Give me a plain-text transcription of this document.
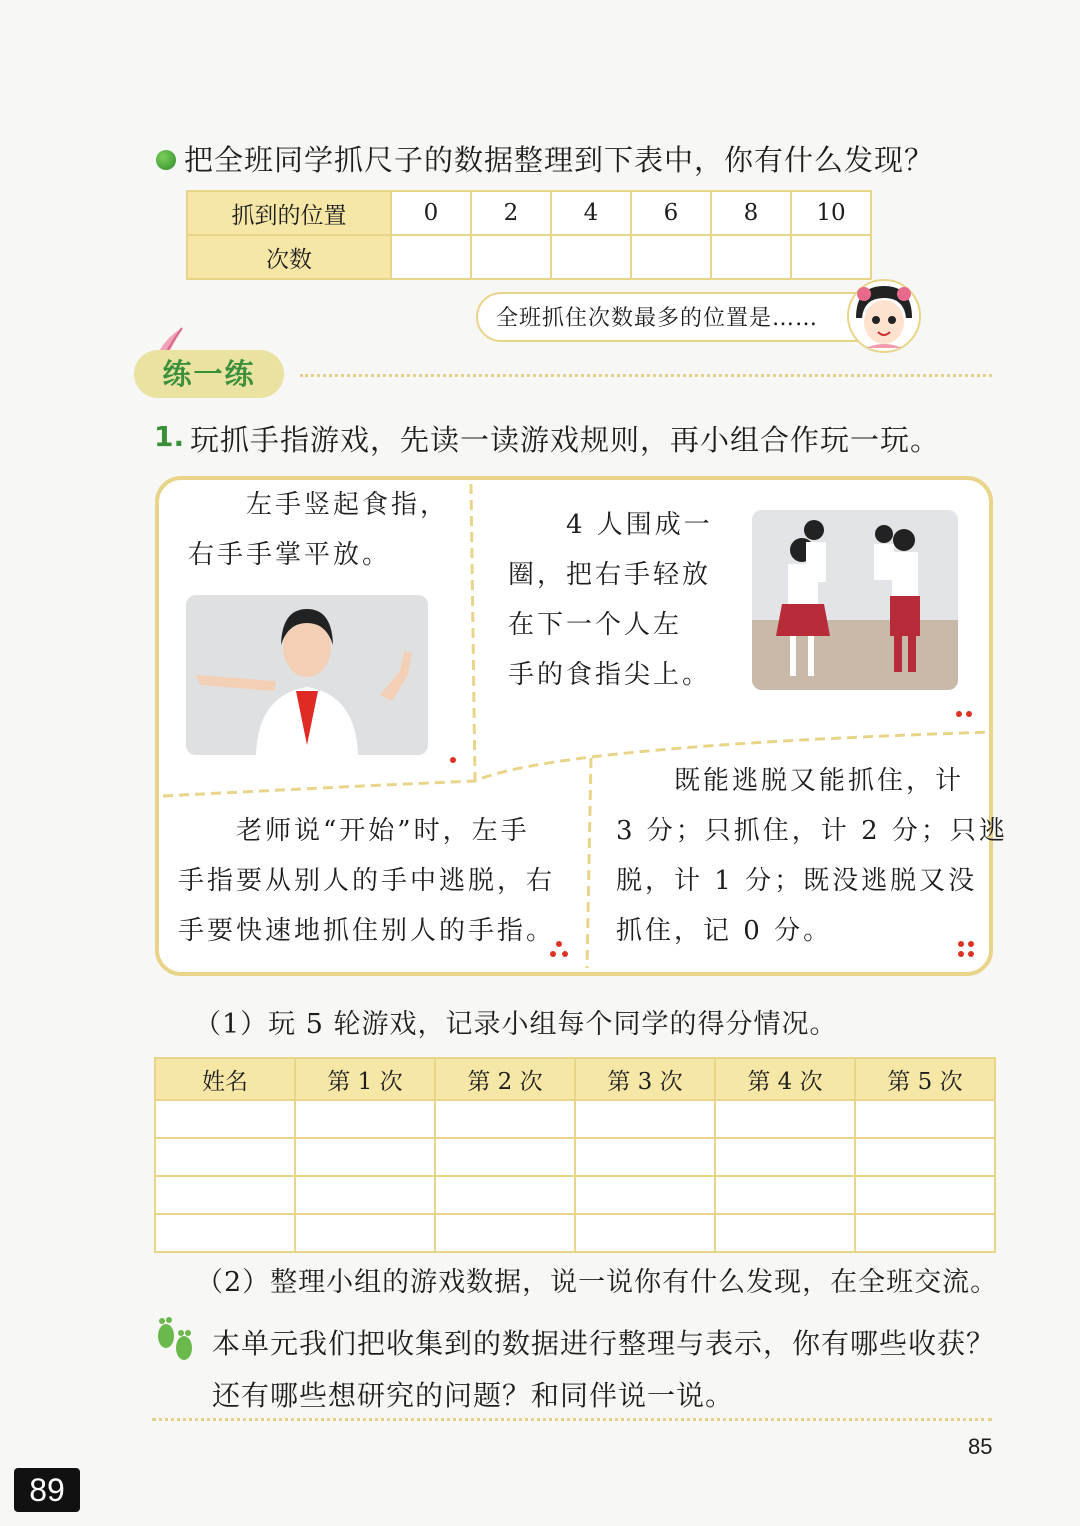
把全班同学抓尺子的数据整理到下表中，你有什么发现？
抓到的位置	0	2	4	6	8	10
次数						
全班抓住次数最多的位置是……
练一练
1. 玩抓手指游戏，先读一读游戏规则，再小组合作玩一玩。
左手竖起食指，
右手手掌平放。
4 人围成一
圈，把右手轻放
在下一个人左
手的食指尖上。
老师说“开始”时，左手
手指要从别人的手中逃脱，右
手要快速地抓住别人的手指。
既能逃脱又能抓住，计
3 分；只抓住，计 2 分；只逃
脱，计 1 分；既没逃脱又没
抓住，记 0 分。
（1）玩 5 轮游戏，记录小组每个同学的得分情况。
姓名	第 1 次	第 2 次	第 3 次	第 4 次	第 5 次

（2）整理小组的游戏数据，说一说你有什么发现，在全班交流。
本单元我们把收集到的数据进行整理与表示，你有哪些收获？
还有哪些想研究的问题？和同伴说一说。
85
89
